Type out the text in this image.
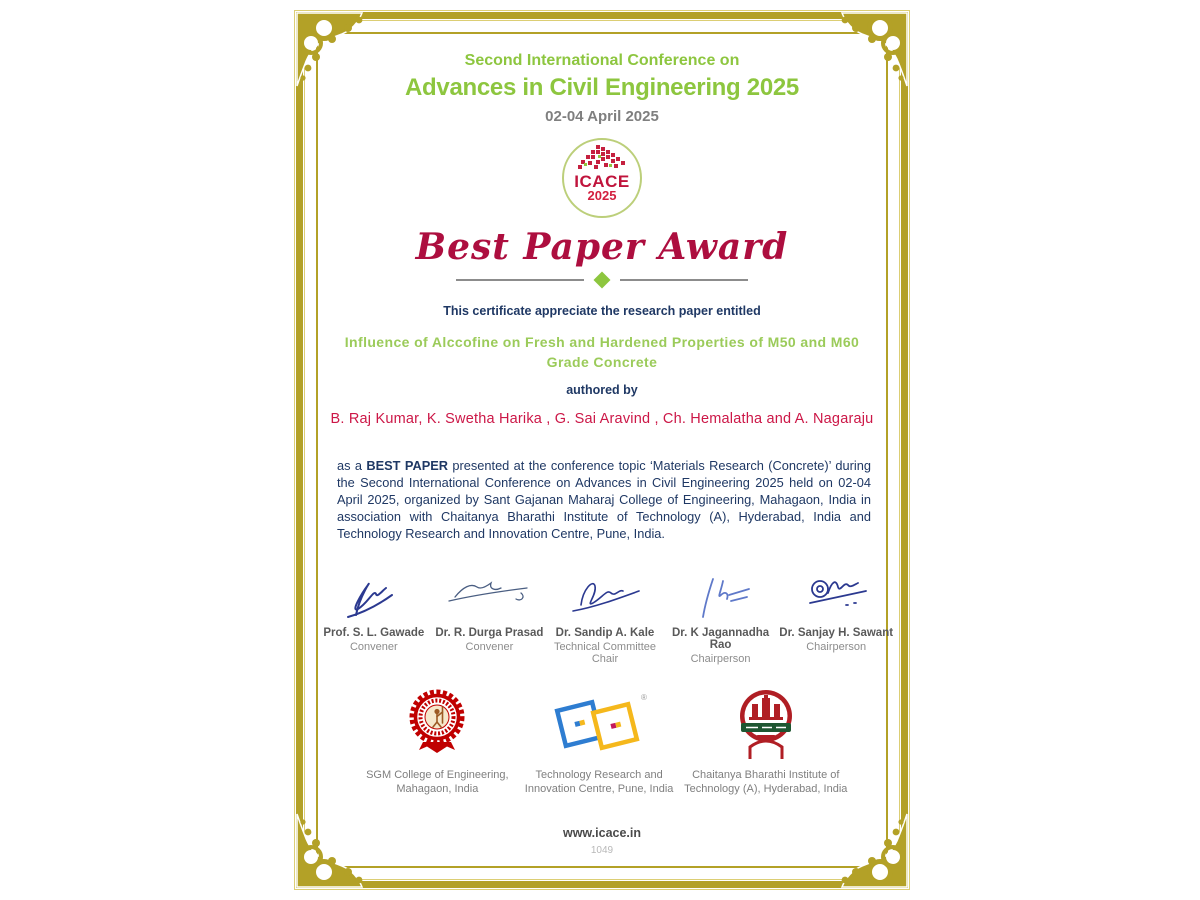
Second International Conference on
Advances in Civil Engineering 2025
02-04 April 2025
ICACE
2025
Best Paper Award
This certificate appreciate the research paper entitled
Influence of Alccofine on Fresh and Hardened Properties of M50 and M60
Grade Concrete
authored by
B. Raj Kumar, K. Swetha Harika , G. Sai Aravind , Ch. Hemalatha and A. Nagaraju

as a BEST PAPER presented at the conference topic ‘Materials Research (Concrete)’ during the Second International Conference on Advances in Civil Engineering 2025 held on 02-04 April 2025, organized by Sant Gajanan Maharaj College of Engineering, Mahagaon, India in association with Chaitanya Bharathi Institute of Technology (A), Hyderabad, India and Technology Research and Innovation Centre, Pune, India.

Prof. S. L. Gawade
Convener
Dr. R. Durga Prasad
Convener
Dr. Sandip A. Kale
Technical Committee Chair
Dr. K Jagannadha Rao
Chairperson
Dr. Sanjay H. Sawant
Chairperson
SGM College of Engineering,
Mahagaon, India
®
Technology Research and
Innovation Centre, Pune, India
Chaitanya Bharathi Institute of
Technology (A), Hyderabad, India
www.icace.in
1049
